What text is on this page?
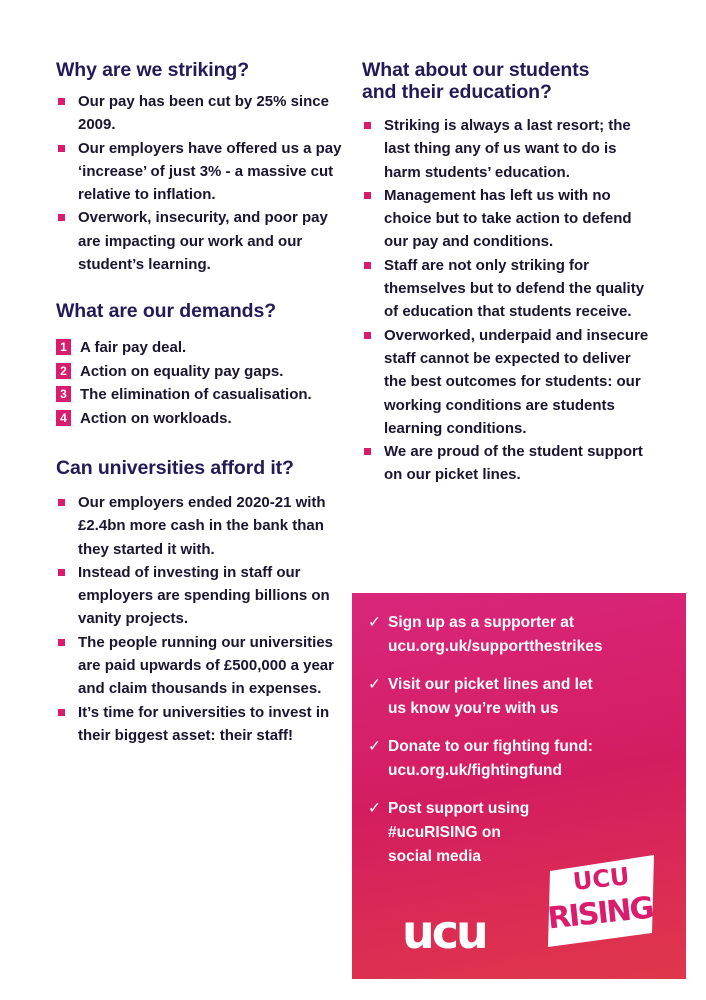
Why are we striking?
Our pay has been cut by 25% since 2009.
Our employers have offered us a pay ‘increase’ of just 3% - a massive cut relative to inflation.
Overwork, insecurity, and poor pay are impacting our work and our student’s learning.
What are our demands?
1 A fair pay deal.
2 Action on equality pay gaps.
3 The elimination of casualisation.
4 Action on workloads.
Can universities afford it?
Our employers ended 2020-21 with £2.4bn more cash in the bank than they started it with.
Instead of investing in staff our employers are spending billions on vanity projects.
The people running our universities are paid upwards of £500,000 a year and claim thousands in expenses.
It’s time for universities to invest in their biggest asset: their staff!
What about our students
and their education?
Striking is always a last resort; the last thing any of us want to do is harm students’ education.
Management has left us with no choice but to take action to defend our pay and conditions.
Staff are not only striking for themselves but to defend the quality of education that students receive.
Overworked, underpaid and insecure staff cannot be expected to deliver the best outcomes for students: our working conditions are students learning conditions.
We are proud of the student support on our picket lines.
✓ Sign up as a supporter at
ucu.org.uk/supportthestrikes
✓ Visit our picket lines and let
us know you’re with us
✓ Donate to our fighting fund:
ucu.org.uk/fightingfund
✓ Post support using
#ucuRISING on
social media
ucu
UCU
RISING
